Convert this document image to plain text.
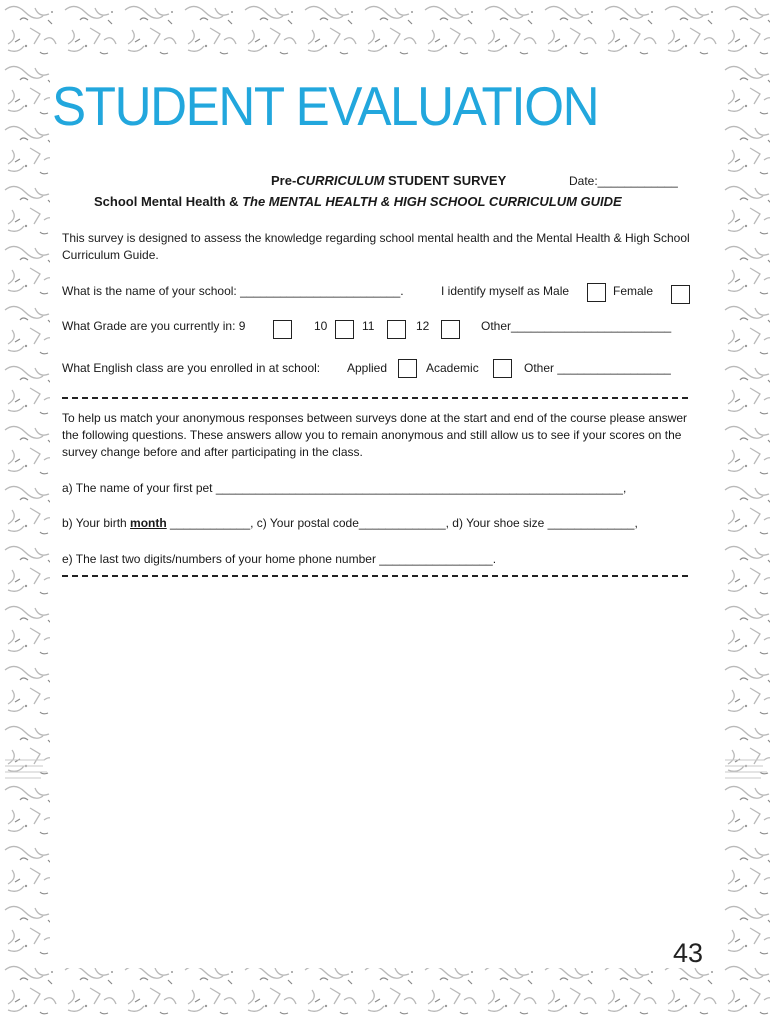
STUDENT EVALUATION
Pre-CURRICULUM STUDENT SURVEY	Date:____________
School Mental Health & The MENTAL HEALTH & HIGH SCHOOL CURRICULUM GUIDE
This survey is designed to assess the knowledge regarding school mental health and the Mental Health & High School Curriculum Guide.
What is the name of your school: ________________________.	I identify myself as Male	Female
What Grade are you currently in: 9	10	11	12	Other________________________
What English class are you enrolled in at school: Applied	Academic	Other _________________
To help us match your anonymous responses between surveys done at the start and end of the course please answer the following questions. These answers allow you to remain anonymous and still allow us to see if your scores on the survey change before and after participating in the class.
a) The name of your first pet _____________________________________________________________,
b) Your birth month ____________, c) Your postal code_____________, d) Your shoe size _____________,
e) The last two digits/numbers of your home phone number _________________.
43
